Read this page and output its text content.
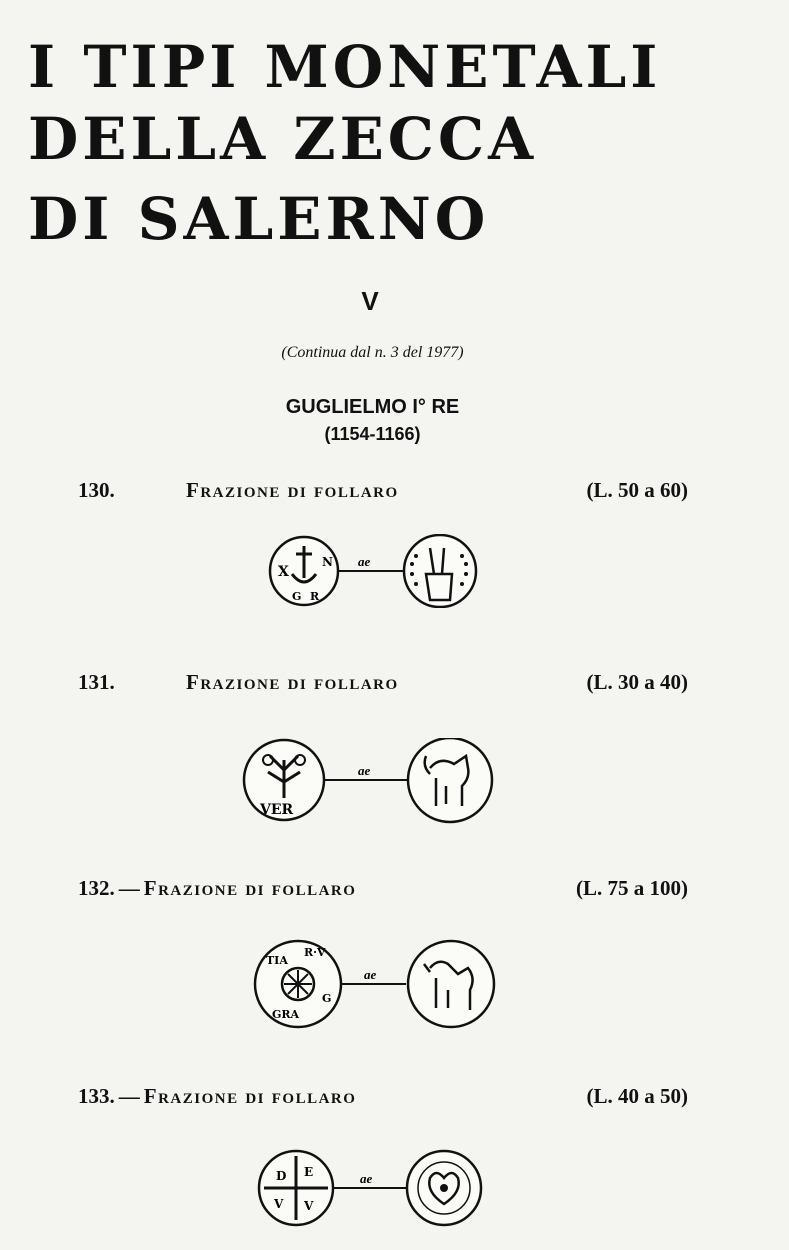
I TIPI MONETALI
DELLA ZECCA
DI SALERNO
V
(Continua dal n. 3 del 1977)
GUGLIELMO I° RE
(1154-1166)
130.	Frazione di follaro	(L. 50 a 60)
X
N
G R
ae
131.	Frazione di follaro	(L. 30 a 40)
VER
ae
132. — Frazione di follaro	(L. 75 a 100)
TIA
R·V
G
GRA
ae
133. — Frazione di follaro	(L. 40 a 50)
D E
V V
ae
